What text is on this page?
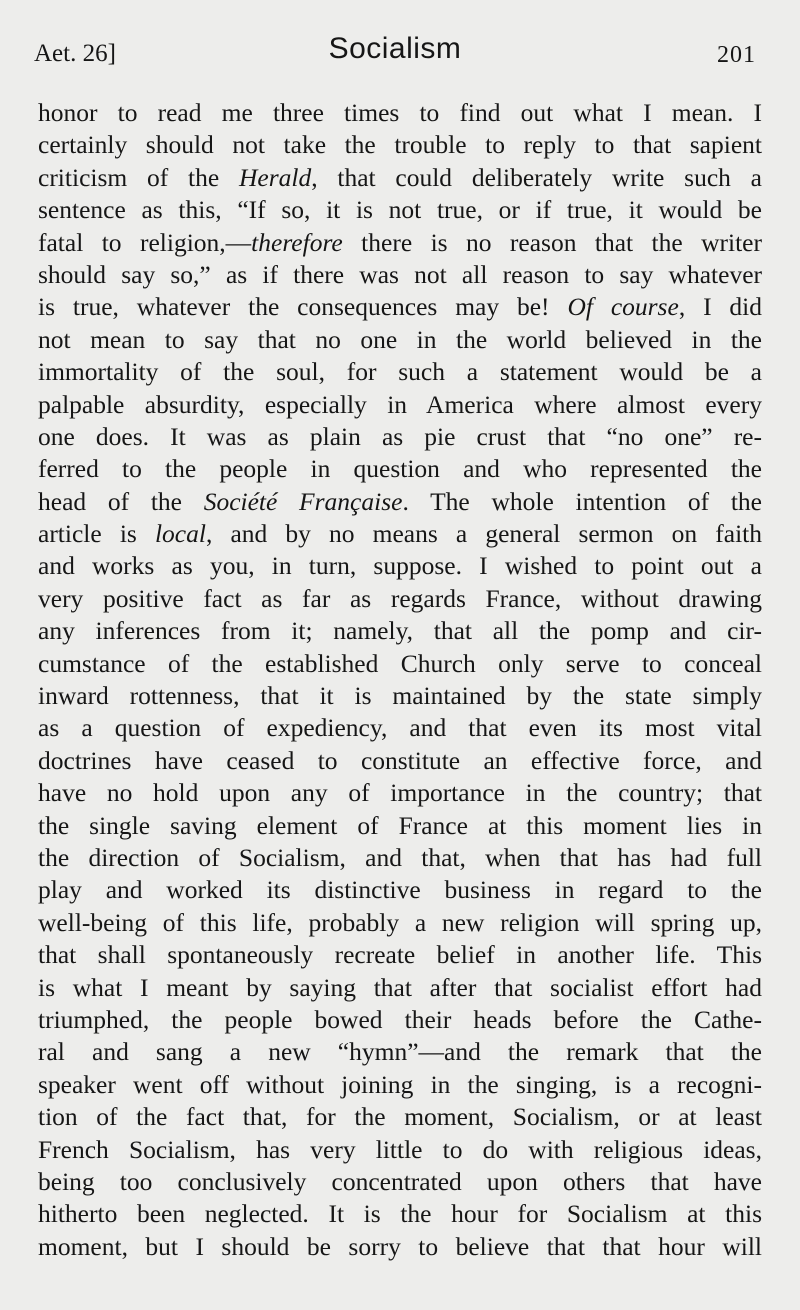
Aet. 26]	Socialism	201
honor to read me three times to find out what I mean. I
certainly should not take the trouble to reply to that sapient
criticism of the Herald, that could deliberately write such a
sentence as this, “If so, it is not true, or if true, it would be
fatal to religion,—therefore there is no reason that the writer
should say so,” as if there was not all reason to say whatever
is true, whatever the consequences may be! Of course, I did
not mean to say that no one in the world believed in the
immortality of the soul, for such a statement would be a
palpable absurdity, especially in America where almost every
one does. It was as plain as pie crust that “no one” re-
ferred to the people in question and who represented the
head of the Société Française. The whole intention of the
article is local, and by no means a general sermon on faith
and works as you, in turn, suppose. I wished to point out a
very positive fact as far as regards France, without drawing
any inferences from it; namely, that all the pomp and cir-
cumstance of the established Church only serve to conceal
inward rottenness, that it is maintained by the state simply
as a question of expediency, and that even its most vital
doctrines have ceased to constitute an effective force, and
have no hold upon any of importance in the country; that
the single saving element of France at this moment lies in
the direction of Socialism, and that, when that has had full
play and worked its distinctive business in regard to the
well-being of this life, probably a new religion will spring up,
that shall spontaneously recreate belief in another life. This
is what I meant by saying that after that socialist effort had
triumphed, the people bowed their heads before the Cathe-
ral and sang a new “hymn”—and the remark that the
speaker went off without joining in the singing, is a recogni-
tion of the fact that, for the moment, Socialism, or at least
French Socialism, has very little to do with religious ideas,
being too conclusively concentrated upon others that have
hitherto been neglected. It is the hour for Socialism at this
moment, but I should be sorry to believe that that hour will
